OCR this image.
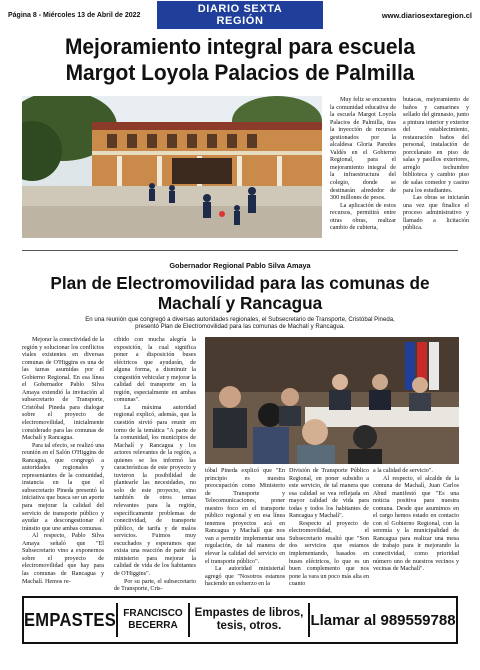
Página 8 - Miércoles 13 de Abril de 2022	DIARIO SEXTA REGIÓN	www.diariosextaregion.cl
Mejoramiento integral para escuela
Margot Loyola Palacios de Palmilla

Muy feliz se encuentra la comunidad educativa de la escuela Margot Loyola Palacios de Palmilla, tras la inyección de recursos gestionados por la alcaldesa Gloria Paredes Valdés en el Gobierno Regional, para el mejoramiento integral de la infraestructura del colegio, donde se destinarán alrededor de 300 millones de pesos.

La aplicación de estos recursos, permitirá entre otras obras, realizar cambio de cubierta,

butacas, mejoramiento de baños y camarines y sellado del gimnasio, junto a pintura interior y exterior del establecimiento, restauración baños del personal, instalación de porcelanato en piso de salas y pasillos exteriores, arreglo techumbre biblioteca y cambio piso de salas comedor y casino para los estudiantes.

Las obras se iniciarán una vez que finalice el proceso administrativo y llamado a licitación pública.

Gobernador Regional Pablo Silva Amaya
Plan de Electromovilidad para las comunas de
Machalí y Rancagua
En una reunión que congregó a diversas autoridades regionales, el Subsecretario de Transporte, Cristóbal Pineda,
presentó Plan de Electromovilidad para las comunas de Machalí y Rancagua.

Mejorar la conectividad de la región y solucionar los conflictos viales existentes en diversas comunas de O'Higgins es una de las tareas asumidas por el Gobierno Regional. En esa línea el Gobernador Pablo Silva Amaya extendió la invitación al subsecretario de Transporte, Cristóbal Pineda para dialogar sobre el proyecto de electromovilidad, inicialmente considerado para las comunas de Machalí y Rancagua.

Para tal efecto, se realizó una reunión en el Salón O'Higgins de Rancagua, que congregó a autoridades regionales y representantes de la comunidad, instancia en la que el subsecretario Pineda presentó la iniciativa que busca ser un aporte para mejorar la calidad del servicio de transporte público y ayudar a descongestionar el tránsito que une ambas comunas.

Al respecto, Pablo Silva Amaya señaló que "El Subsecretario vino a exponernos sobre el proyecto de electromovilidad que hay para las comunas de Rancagua y Machalí. Hemos re-

cibido con mucha alegría la exposición, la cual significa poner a disposición buses eléctricos que ayudarán, de alguna forma, a disminuir la congestión vehicular y mejorar la calidad del transporte en la región, especialmente en ambas comunas".

La máxima autoridad regional explicó, además, que la cuestión sirvió para reunir en torno de la temática "A parte de la comunidad, los municipios de Machalí y Rancagua y los actores relevantes de la región, a quienes se les informó las características de este proyecto y tuvieron la posibilidad de plantearle las necesidades, no solo de este proyecto, sino también de otros temas relevantes para la región, específicamente problemas de conectividad, de transporte público, de tarifa y de malos servicios. Fuimos muy escuchados y esperamos que exista una reacción de parte del ministerio para mejorar la calidad de vida de los habitantes de O'Higgins".

Por su parte, el subsecretario de Transporte, Cris-

tóbal Pineda explicó que "En principio es nuestra preocupación como Ministerio de Transporte y Telecomunicaciones, poner nuestro foco en el transporte público regional y en esa línea tenemos proyectos acá en Rancagua y Machalí que nos van a permitir implementar una regulación, de tal manera de elevar la calidad del servicio en el transporte público".

La autoridad ministerial agregó que "Nosotros estamos haciendo un esfuerzo en la

División de Transporte Público Regional, en poner subsidio a este servicio, de tal manera que esa calidad se vea reflejada en mayor calidad de vida para todas y todos los habitantes de Rancagua y Machalí".

Respecto al proyecto de electromovilidad, el Subsecretario resaltó que "Son dos servicios que estamos implementando, basados en buses eléctricos, lo que es un buen complemento que nos pone la vara un poco más alta en cuanto

a la calidad de servicio".

Al respecto, el alcalde de la comuna de Machalí, Juan Carlos Abud manifestó que "Es una noticia positiva para nuestra comuna. Desde que asumimos en el cargo hemos estado en contacto con el Gobierno Regional, con la seremía y la municipalidad de Rancagua para realizar una mesa de trabajo para ir mejorando la conectividad, como prioridad número uno de nuestros vecinos y vecinas de Machalí".

EMPASTES FRANCISCO
BECERRA
Empastes de libros, tesis, otros.	Llamar al 989559788
